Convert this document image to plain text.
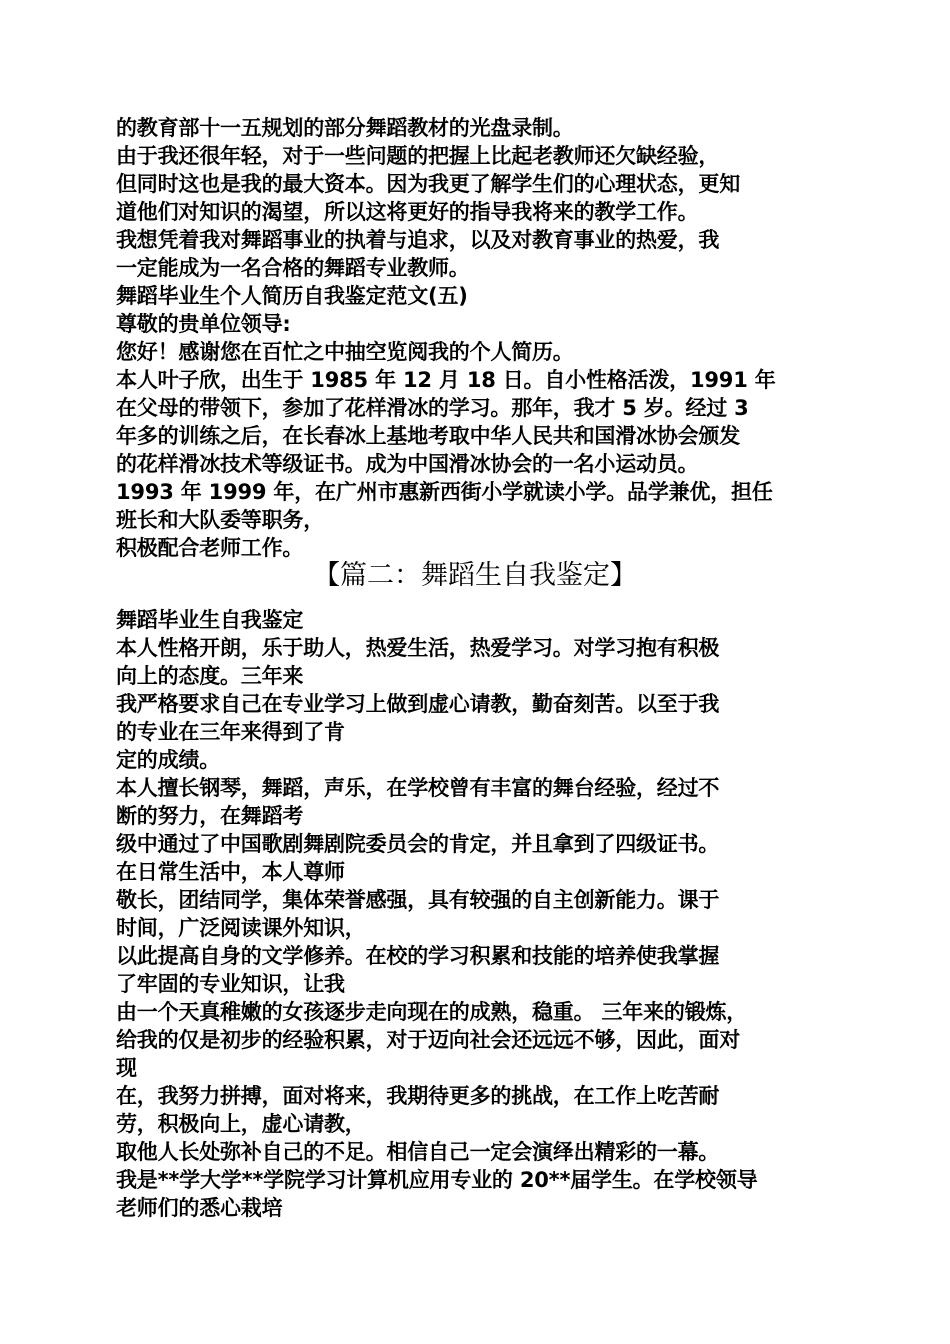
的教育部十一五规划的部分舞蹈教材的光盘录制。
由于我还很年轻，对于一些问题的把握上比起老教师还欠缺经验，
但同时这也是我的最大资本。因为我更了解学生们的心理状态，更知
道他们对知识的渴望，所以这将更好的指导我将来的教学工作。
我想凭着我对舞蹈事业的执着与追求，以及对教育事业的热爱，我
一定能成为一名合格的舞蹈专业教师。
舞蹈毕业生个人简历自我鉴定范文(五)
尊敬的贵单位领导:
您好！感谢您在百忙之中抽空览阅我的个人简历。
本人叶子欣，出生于 1985 年 12 月 18 日。自小性格活泼，1991 年
在父母的带领下，参加了花样滑冰的学习。那年，我才 5 岁。经过 3
年多的训练之后，在长春冰上基地考取中华人民共和国滑冰协会颁发
的花样滑冰技术等级证书。成为中国滑冰协会的一名小运动员。
1993 年 1999 年，在广州市惠新西街小学就读小学。品学兼优，担任
班长和大队委等职务，
积极配合老师工作。
【篇二：舞蹈生自我鉴定】
舞蹈毕业生自我鉴定
本人性格开朗，乐于助人，热爱生活，热爱学习。对学习抱有积极
向上的态度。三年来
我严格要求自己在专业学习上做到虚心请教，勤奋刻苦。以至于我
的专业在三年来得到了肯
定的成绩。
本人擅长钢琴，舞蹈，声乐，在学校曾有丰富的舞台经验，经过不
断的努力，在舞蹈考
级中通过了中国歌剧舞剧院委员会的肯定，并且拿到了四级证书。
在日常生活中，本人尊师
敬长，团结同学，集体荣誉感强，具有较强的自主创新能力。课于
时间，广泛阅读课外知识，
以此提高自身的文学修养。在校的学习积累和技能的培养使我掌握
了牢固的专业知识，让我
由一个天真稚嫩的女孩逐步走向现在的成熟，稳重。 三年来的锻炼，
给我的仅是初步的经验积累，对于迈向社会还远远不够，因此，面对
现
在，我努力拼搏，面对将来，我期待更多的挑战，在工作上吃苦耐
劳，积极向上，虚心请教，
取他人长处弥补自己的不足。相信自己一定会演绎出精彩的一幕。
我是**学大学**学院学习计算机应用专业的 20**届学生。在学校领导
老师们的悉心栽培
